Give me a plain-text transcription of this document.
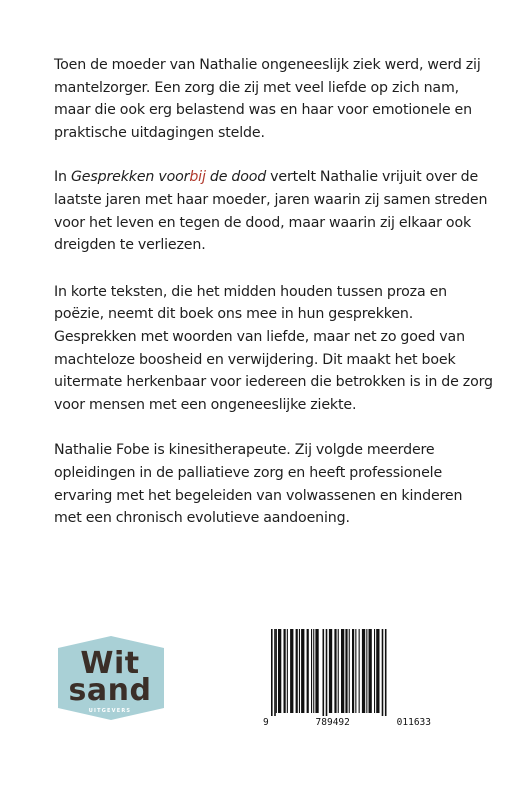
Toen de moeder van Nathalie ongeneeslijk ziek werd, werd zij mantelzorger. Een zorg die zij met veel liefde op zich nam, maar die ook erg belastend was en haar voor emotionele en praktische uitdagingen stelde.

In Gesprekken voorbij de dood vertelt Nathalie vrijuit over de laatste jaren met haar moeder, jaren waarin zij samen streden voor het leven en tegen de dood, maar waarin zij elkaar ook dreigden te verliezen.

In korte teksten, die het midden houden tussen proza en poëzie, neemt dit boek ons mee in hun gesprekken. Gesprekken met woorden van liefde, maar net zo goed van machteloze boosheid en verwijdering. Dit maakt het boek uitermate herkenbaar voor iedereen die betrokken is in de zorg voor mensen met een ongeneeslijke ziekte.

Nathalie Fobe is kinesitherapeute. Zij volgde meerdere opleidingen in de palliatieve zorg en heeft professionele ervaring met het begeleiden van volwassenen en kinderen met een chronisch evolutieve aandoening.

Wit
sand
UITGEVERS
9	789492	011633
